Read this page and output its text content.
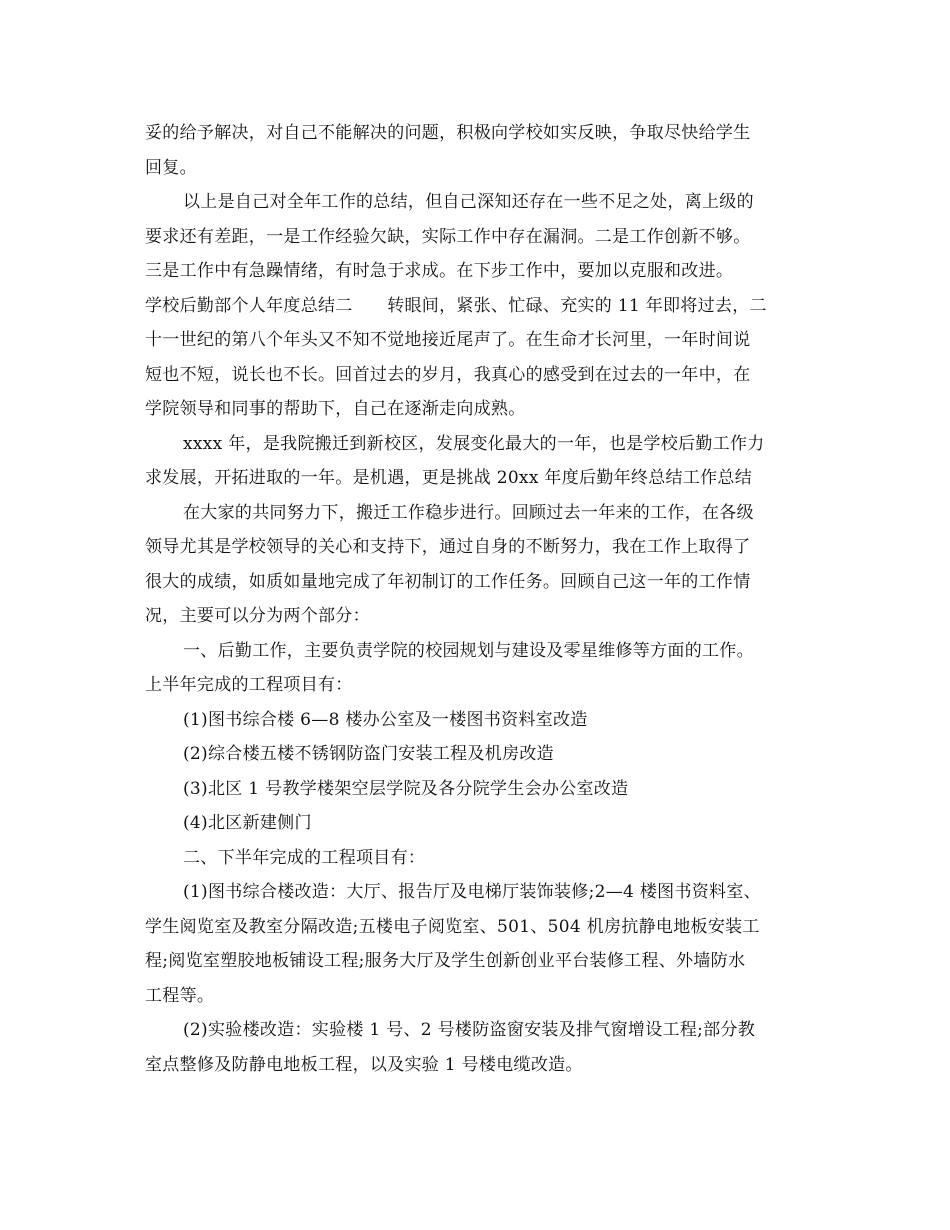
妥的给予解决，对自己不能解决的问题，积极向学校如实反映，争取尽快给学生
回复。
以上是自己对全年工作的总结，但自己深知还存在一些不足之处，离上级的
要求还有差距，一是工作经验欠缺，实际工作中存在漏洞。二是工作创新不够。
三是工作中有急躁情绪，有时急于求成。在下步工作中，要加以克服和改进。
学校后勤部个人年度总结二　　转眼间，紧张、忙碌、充实的 11 年即将过去，二
十一世纪的第八个年头又不知不觉地接近尾声了。在生命才长河里，一年时间说
短也不短，说长也不长。回首过去的岁月，我真心的感受到在过去的一年中，在
学院领导和同事的帮助下，自己在逐渐走向成熟。
xxxx 年，是我院搬迁到新校区，发展变化最大的一年，也是学校后勤工作力
求发展，开拓进取的一年。是机遇，更是挑战 20xx 年度后勤年终总结工作总结
在大家的共同努力下，搬迁工作稳步进行。回顾过去一年来的工作，在各级
领导尤其是学校领导的关心和支持下，通过自身的不断努力，我在工作上取得了
很大的成绩，如质如量地完成了年初制订的工作任务。回顾自己这一年的工作情
况，主要可以分为两个部分：
一、后勤工作，主要负责学院的校园规划与建设及零星维修等方面的工作。
上半年完成的工程项目有：
(1)图书综合楼 6—8 楼办公室及一楼图书资料室改造
(2)综合楼五楼不锈钢防盗门安装工程及机房改造
(3)北区 1 号教学楼架空层学院及各分院学生会办公室改造
(4)北区新建侧门
二、下半年完成的工程项目有：
(1)图书综合楼改造：大厅、报告厅及电梯厅装饰装修;2—4 楼图书资料室、
学生阅览室及教室分隔改造;五楼电子阅览室、501、504 机房抗静电地板安装工
程;阅览室塑胶地板铺设工程;服务大厅及学生创新创业平台装修工程、外墙防水
工程等。
(2)实验楼改造：实验楼 1 号、2 号楼防盗窗安装及排气窗增设工程;部分教
室点整修及防静电地板工程，以及实验 1 号楼电缆改造。
